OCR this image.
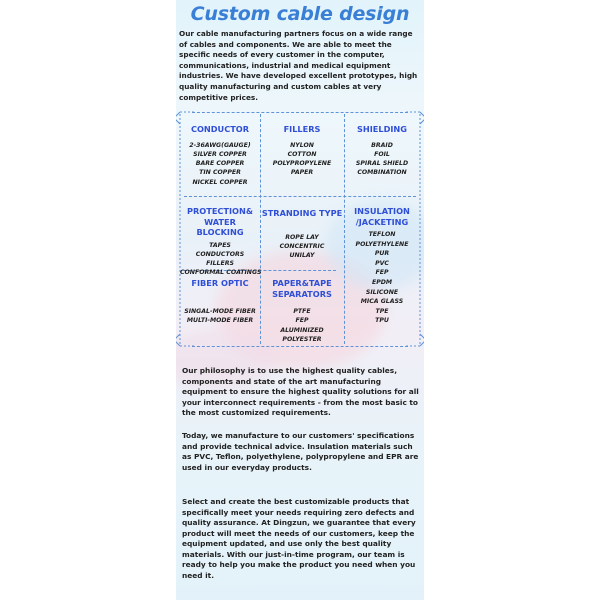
Custom cable design
Our cable manufacturing partners focus on a wide range of cables and components. We are able to meet the specific needs of every customer in the computer, communications, industrial and medical equipment industries. We have developed excellent prototypes, high quality manufacturing and custom cables at very competitive prices.
CONDUCTOR
2-36AWG(GAUGE)
SILVER COPPER
BARE COPPER
TIN COPPER
NICKEL COPPER
FILLERS
NYLON
COTTON
POLYPROPYLENE
PAPER
SHIELDING
BRAID
FOIL
SPIRAL SHIELD
COMBINATION
PROTECTION&
WATER BLOCKING
TAPES
CONDUCTORS
FILLERS
CONFORMAL COATINGS
STRANDING TYPE
ROPE LAY
CONCENTRIC
UNILAY
INSULATION
/JACKETING
TEFLON
POLYETHYLENE
PUR
PVC
FEP
EPDM
SILICONE
MICA GLASS
TPE
TPU
FIBER OPTIC
SINGAL-MODE FIBER
MULTI-MODE FIBER
PAPER&TAPE
SEPARATORS
PTFE
FEP
ALUMINIZED
POLYESTER
Our philosophy is to use the highest quality cables, components and state of the art manufacturing equipment to ensure the highest quality solutions for all your interconnect requirements - from the most basic to the most customized requirements.
Today, we manufacture to our customers' specifications and provide technical advice. Insulation materials such as PVC, Teflon, polyethylene, polypropylene and EPR are used in our everyday products.
Select and create the best customizable products that specifically meet your needs requiring zero defects and quality assurance. At Dingzun, we guarantee that every product will meet the needs of our customers, keep the equipment updated, and use only the best quality materials. With our just-in-time program, our team is ready to help you make the product you need when you need it.
